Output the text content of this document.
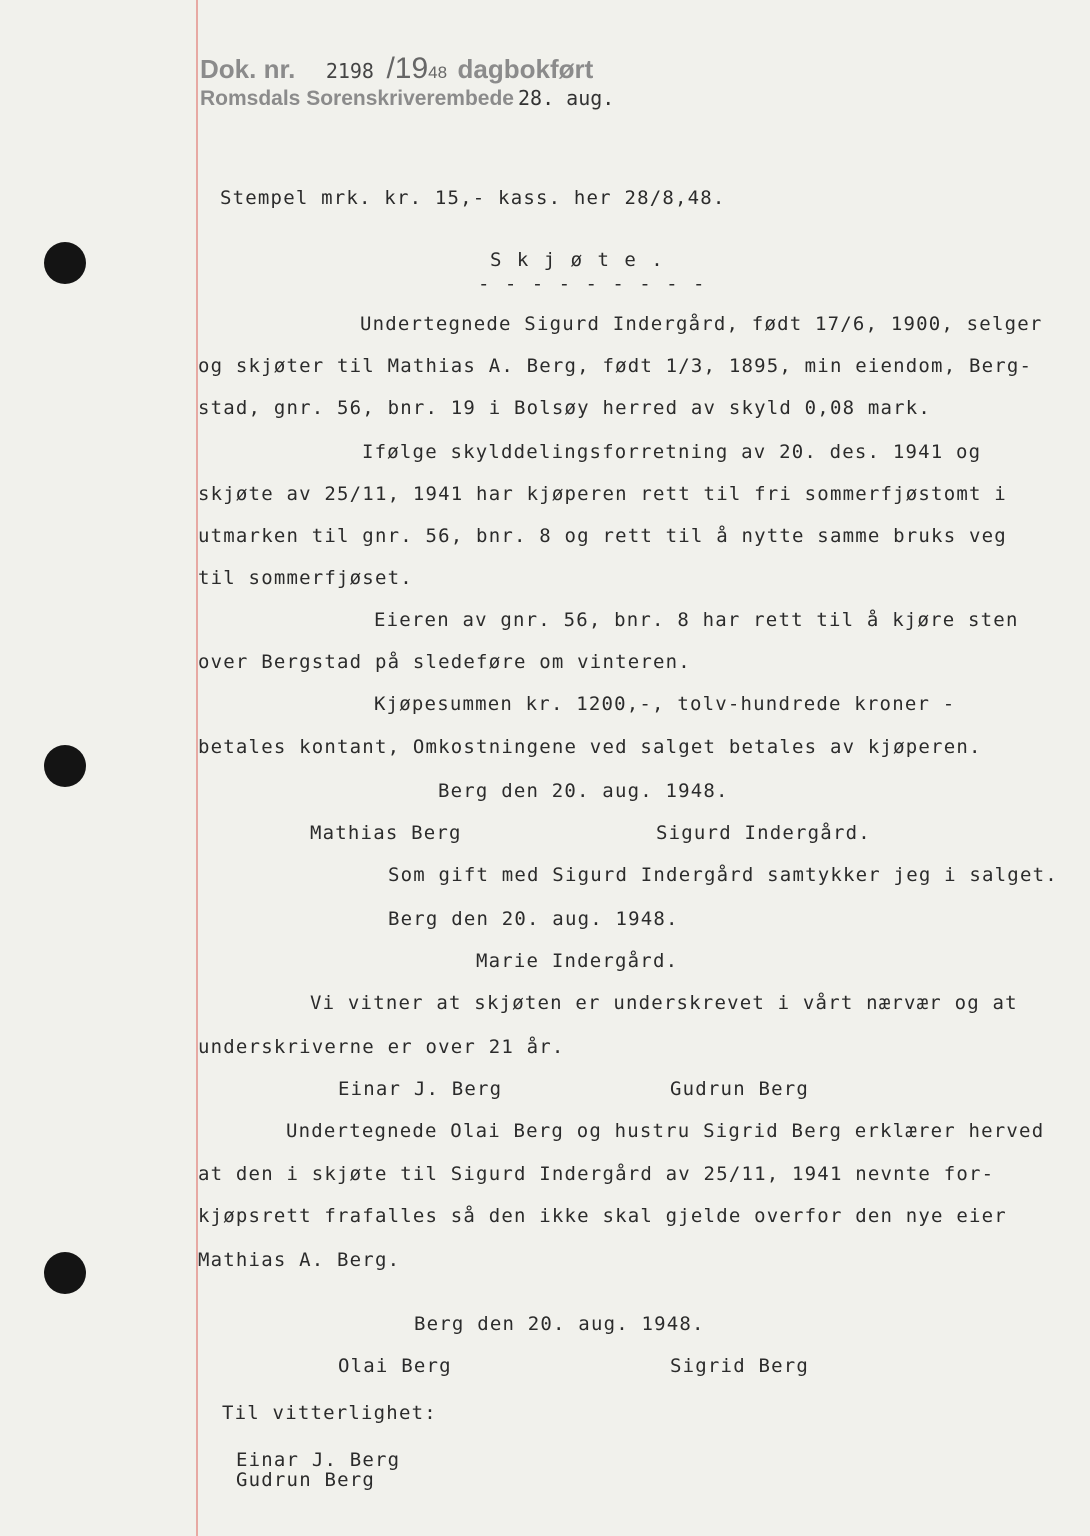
Dok. nr. 2198 /1948 dagbokført
Romsdals Sorenskriverembede 28. aug.
Stempel mrk. kr. 15,- kass. her 28/8,48.
S k j ø t e .
- - - - - - - - -
Undertegnede Sigurd Indergård, født 17/6, 1900, selger
og skjøter til Mathias A. Berg, født 1/3, 1895, min eiendom, Berg-
stad, gnr. 56, bnr. 19 i Bolsøy herred av skyld 0,08 mark.
Ifølge skylddelingsforretning av 20. des. 1941 og
skjøte av 25/11, 1941 har kjøperen rett til fri sommerfjøstomt i
utmarken til gnr. 56, bnr. 8 og rett til å nytte samme bruks veg
til sommerfjøset.
Eieren av gnr. 56, bnr. 8 har rett til å kjøre sten
over Bergstad på sledeføre om vinteren.
Kjøpesummen kr. 1200,-, tolv-hundrede kroner -
betales kontant, Omkostningene ved salget betales av kjøperen.
Berg den 20. aug. 1948.
Mathias Berg	Sigurd Indergård.
Som gift med Sigurd Indergård samtykker jeg i salget.
Berg den 20. aug. 1948.
Marie Indergård.
Vi vitner at skjøten er underskrevet i vårt nærvær og at
underskriverne er over 21 år.
Einar J. Berg	Gudrun Berg
Undertegnede Olai Berg og hustru Sigrid Berg erklærer herved
at den i skjøte til Sigurd Indergård av 25/11, 1941 nevnte for-
kjøpsrett frafalles så den ikke skal gjelde overfor den nye eier
Mathias A. Berg.
Berg den 20. aug. 1948.
Olai Berg	Sigrid Berg
Til vitterlighet:
Einar J. Berg
Gudrun Berg
